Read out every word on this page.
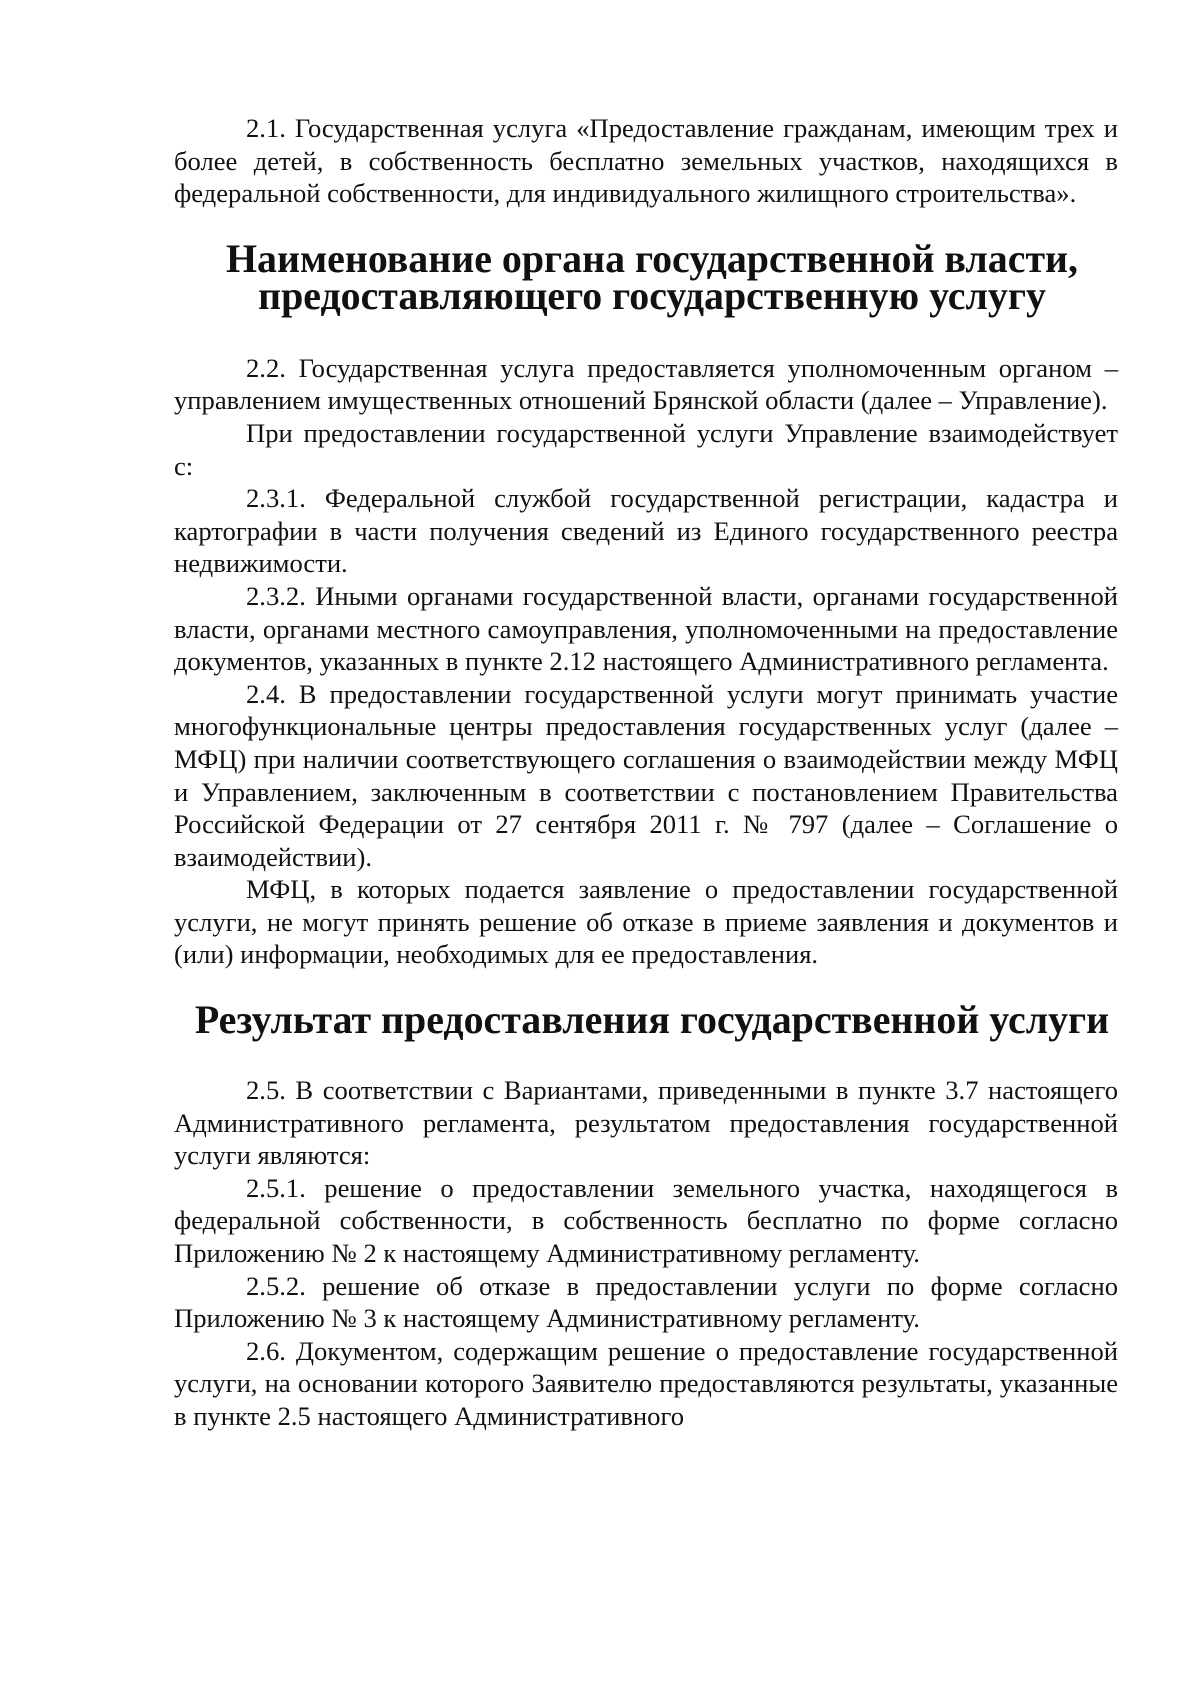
2.1. Государственная услуга «Предоставление гражданам, имеющим трех и более детей, в собственность бесплатно земельных участков, находящихся в федеральной собственности, для индивидуального жилищного строительства».

Наименование органа государственной власти, предоставляющего государственную услугу

2.2. Государственная услуга предоставляется уполномоченным органом – управлением имущественных отношений Брянской области (далее – Управление).

При предоставлении государственной услуги Управление взаимодействует с:

2.3.1. Федеральной службой государственной регистрации, кадастра и картографии в части получения сведений из Единого государственного реестра недвижимости.

2.3.2. Иными органами государственной власти, органами государственной власти, органами местного самоуправления, уполномоченными на предоставление документов, указанных в пункте 2.12 настоящего Административного регламента.

2.4. В предоставлении государственной услуги могут принимать участие многофункциональные центры предоставления государственных услуг (далее – МФЦ) при наличии соответствующего соглашения о взаимодействии между МФЦ и Управлением, заключенным в соответствии с постановлением Правительства Российской Федерации от 27 сентября 2011 г. № 797 (далее – Соглашение о взаимодействии).

МФЦ, в которых подается заявление о предоставлении государственной услуги, не могут принять решение об отказе в приеме заявления и документов и (или) информации, необходимых для ее предоставления.

Результат предоставления государственной услуги

2.5. В соответствии с Вариантами, приведенными в пункте 3.7 настоящего Административного регламента, результатом предоставления государственной услуги являются:

2.5.1. решение о предоставлении земельного участка, находящегося в федеральной собственности, в собственность бесплатно по форме согласно Приложению № 2 к настоящему Административному регламенту.

2.5.2. решение об отказе в предоставлении услуги по форме согласно Приложению № 3 к настоящему Административному регламенту.

2.6. Документом, содержащим решение о предоставление государственной услуги, на основании которого Заявителю предоставляются результаты, указанные в пункте 2.5 настоящего Административного
